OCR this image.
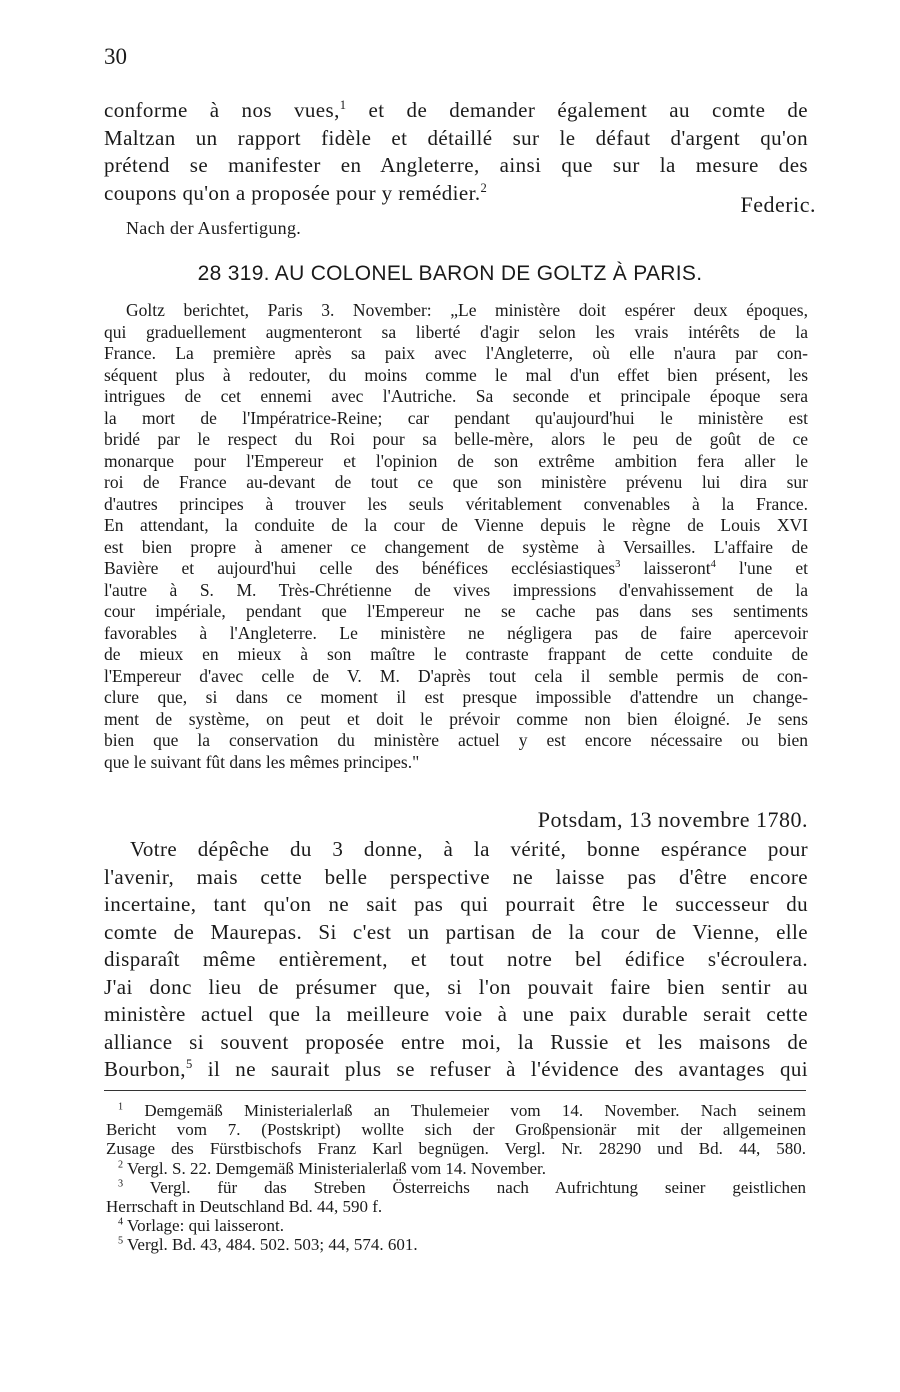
30
conforme à nos vues,$^1$ et de demander également au comte de
Maltzan un rapport fidèle et détaillé sur le défaut d'argent qu'on
prétend se manifester en Angleterre, ainsi que sur la mesure des
coupons qu'on a proposée pour y remédier.$^2$
Federic.
Nach der Ausfertigung.
28 319. AU COLONEL BARON DE GOLTZ À PARIS.
Goltz berichtet, Paris 3. November: „Le ministère doit espérer deux époques,
qui graduellement augmenteront sa liberté d'agir selon les vrais intérêts de la
France. La première après sa paix avec l'Angleterre, où elle n'aura par con-
séquent plus à redouter, du moins comme le mal d'un effet bien présent, les
intrigues de cet ennemi avec l'Autriche. Sa seconde et principale époque sera
la mort de l'Impératrice-Reine; car pendant qu'aujourd'hui le ministère est
bridé par le respect du Roi pour sa belle-mère, alors le peu de goût de ce
monarque pour l'Empereur et l'opinion de son extrême ambition fera aller le
roi de France au-devant de tout ce que son ministère prévenu lui dira sur
d'autres principes à trouver les seuls véritablement convenables à la France.
En attendant, la conduite de la cour de Vienne depuis le règne de Louis XVI
est bien propre à amener ce changement de système à Versailles. L'affaire de
Bavière et aujourd'hui celle des bénéfices ecclésiastiques$^3$ laisseront$^4$ l'une et
l'autre à S. M. Très-Chrétienne de vives impressions d'envahissement de la
cour impériale, pendant que l'Empereur ne se cache pas dans ses sentiments
favorables à l'Angleterre. Le ministère ne négligera pas de faire apercevoir
de mieux en mieux à son maître le contraste frappant de cette conduite de
l'Empereur d'avec celle de V. M. D'après tout cela il semble permis de con-
clure que, si dans ce moment il est presque impossible d'attendre un change-
ment de système, on peut et doit le prévoir comme non bien éloigné. Je sens
bien que la conservation du ministère actuel y est encore nécessaire ou bien
que le suivant fût dans les mêmes principes."
Potsdam, 13 novembre 1780.
Votre dépêche du 3 donne, à la vérité, bonne espérance pour
l'avenir, mais cette belle perspective ne laisse pas d'être encore
incertaine, tant qu'on ne sait pas qui pourrait être le successeur du
comte de Maurepas. Si c'est un partisan de la cour de Vienne, elle
disparaît même entièrement, et tout notre bel édifice s'écroulera.
J'ai donc lieu de présumer que, si l'on pouvait faire bien sentir au
ministère actuel que la meilleure voie à une paix durable serait cette
alliance si souvent proposée entre moi, la Russie et les maisons de
Bourbon,$^5$ il ne saurait plus se refuser à l'évidence des avantages qui
$^1$ Demgemäß Ministerialerlaß an Thulemeier vom 14. November. Nach seinem
Bericht vom 7. (Postskript) wollte sich der Großpensionär mit der allgemeinen
Zusage des Fürstbischofs Franz Karl begnügen. Vergl. Nr. 28290 und Bd. 44, 580.
$^2$ Vergl. S. 22. Demgemäß Ministerialerlaß vom 14. November.
$^3$ Vergl. für das Streben Österreichs nach Aufrichtung seiner geistlichen
Herrschaft in Deutschland Bd. 44, 590 f.
$^4$ Vorlage: qui laisseront.
$^5$ Vergl. Bd. 43, 484. 502. 503; 44, 574. 601.
